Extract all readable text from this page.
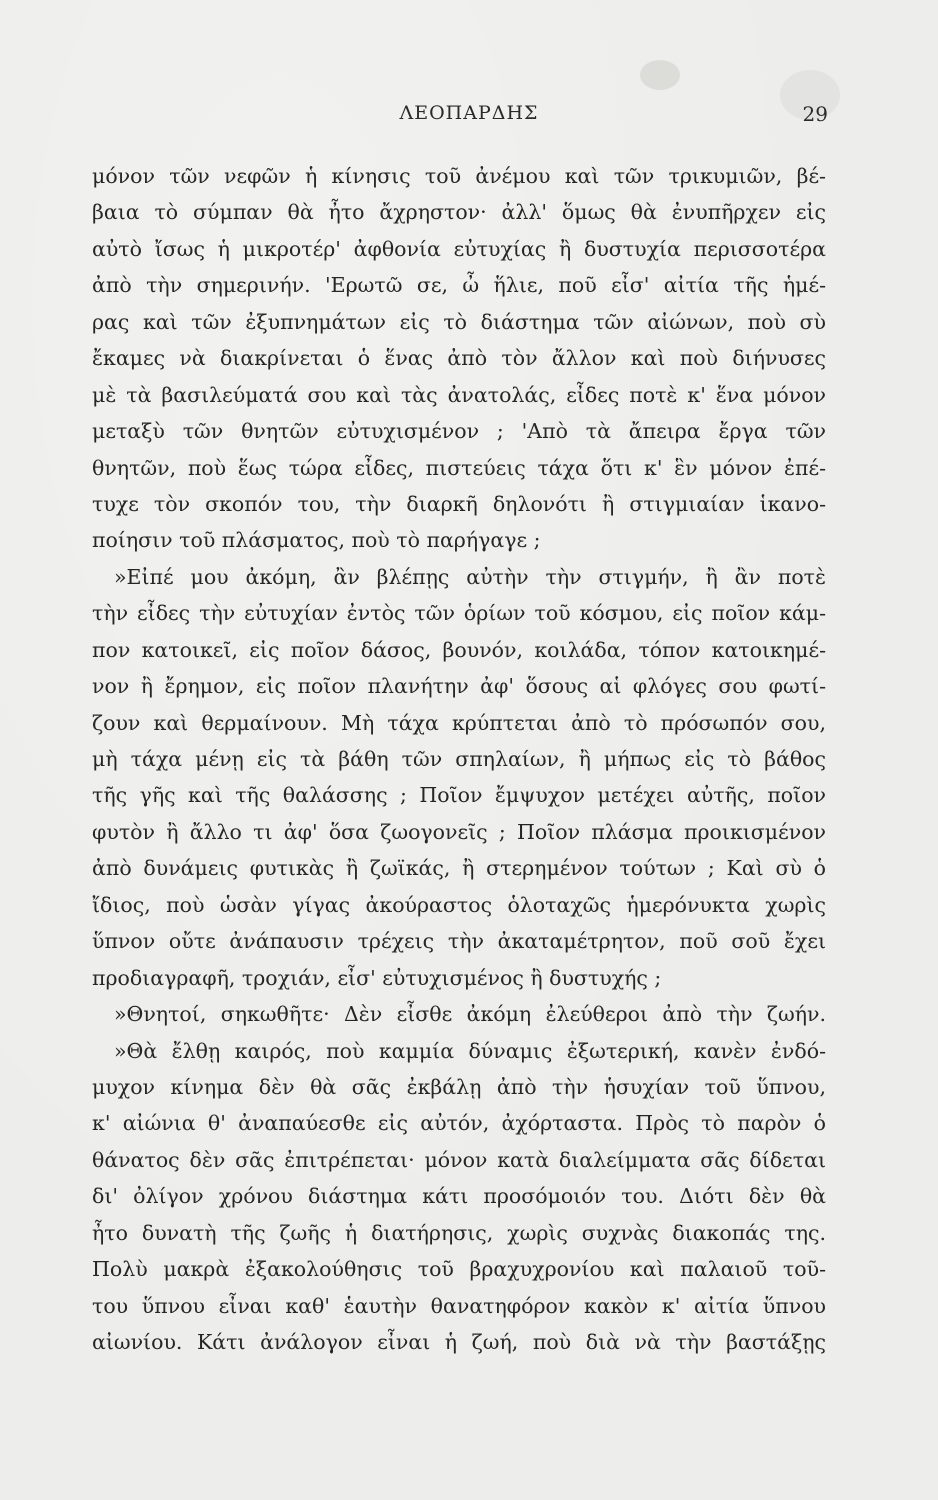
ΛΕΟΠΑΡΔΗΣ	29
μόνον τῶν νεφῶν ἡ κίνησις τοῦ ἀνέμου καὶ τῶν τρικυμιῶν, βέ-
βαια τὸ σύμπαν θὰ ἦτο ἄχρηστον· ἀλλ' ὅμως θὰ ἐνυπῆρχεν εἰς
αὐτὸ ἴσως ἡ μικροτέρ' ἀφθονία εὐτυχίας ἢ δυστυχία περισσοτέρα
ἀπὸ τὴν σημερινήν. 'Ερωτῶ σε, ὦ ἥλιε, ποῦ εἶσ' αἰτία τῆς ἡμέ-
ρας καὶ τῶν ἐξυπνημάτων εἰς τὸ διάστημα τῶν αἰώνων, ποὺ σὺ
ἔκαμες νὰ διακρίνεται ὁ ἕνας ἀπὸ τὸν ἄλλον καὶ ποὺ διήνυσες
μὲ τὰ βασιλεύματά σου καὶ τὰς ἀνατολάς, εἶδες ποτὲ κ' ἕνα μόνον
μεταξὺ τῶν θνητῶν εὐτυχισμένον ; 'Απὸ τὰ ἄπειρα ἔργα τῶν
θνητῶν, ποὺ ἕως τώρα εἶδες, πιστεύεις τάχα ὅτι κ' ἓν μόνον ἐπέ-
τυχε τὸν σκοπόν του, τὴν διαρκῆ δηλονότι ἢ στιγμιαίαν ἱκανο-
ποίησιν τοῦ πλάσματος, ποὺ τὸ παρήγαγε ;
»Εἰπέ μου ἀκόμη, ἂν βλέπῃς αὐτὴν τὴν στιγμήν, ἢ ἂν ποτὲ
τὴν εἶδες τὴν εὐτυχίαν ἐντὸς τῶν ὁρίων τοῦ κόσμου, εἰς ποῖον κάμ-
πον κατοικεῖ, εἰς ποῖον δάσος, βουνόν, κοιλάδα, τόπον κατοικημέ-
νον ἢ ἔρημον, εἰς ποῖον πλανήτην ἀφ' ὅσους αἱ φλόγες σου φωτί-
ζουν καὶ θερμαίνουν. Μὴ τάχα κρύπτεται ἀπὸ τὸ πρόσωπόν σου,
μὴ τάχα μένῃ εἰς τὰ βάθη τῶν σπηλαίων, ἢ μήπως εἰς τὸ βάθος
τῆς γῆς καὶ τῆς θαλάσσης ; Ποῖον ἔμψυχον μετέχει αὐτῆς, ποῖον
φυτὸν ἢ ἄλλο τι ἀφ' ὅσα ζωογονεῖς ; Ποῖον πλάσμα προικισμένον
ἀπὸ δυνάμεις φυτικὰς ἢ ζωϊκάς, ἢ στερημένον τούτων ; Καὶ σὺ ὁ
ἴδιος, ποὺ ὡσὰν γίγας ἀκούραστος ὁλοταχῶς ἡμερόνυκτα χωρὶς
ὕπνον οὔτε ἀνάπαυσιν τρέχεις τὴν ἀκαταμέτρητον, ποῦ σοῦ ἔχει
προδιαγραφῆ, τροχιάν, εἶσ' εὐτυχισμένος ἢ δυστυχής ;
»Θνητοί, σηκωθῆτε· Δὲν εἶσθε ἀκόμη ἐλεύθεροι ἀπὸ τὴν ζωήν.
»Θὰ ἔλθῃ καιρός, ποὺ καμμία δύναμις ἐξωτερική, κανὲν ἐνδό-
μυχον κίνημα δὲν θὰ σᾶς ἐκβάλῃ ἀπὸ τὴν ἡσυχίαν τοῦ ὕπνου,
κ' αἰώνια θ' ἀναπαύεσθε εἰς αὐτόν, ἀχόρταστα. Πρὸς τὸ παρὸν ὁ
θάνατος δὲν σᾶς ἐπιτρέπεται· μόνον κατὰ διαλείμματα σᾶς δίδεται
δι' ὀλίγον χρόνου διάστημα κάτι προσόμοιόν του. Διότι δὲν θὰ
ἦτο δυνατὴ τῆς ζωῆς ἡ διατήρησις, χωρὶς συχνὰς διακοπάς της.
Πολὺ μακρὰ ἐξακολούθησις τοῦ βραχυχρονίου καὶ παλαιοῦ τοῦ-
του ὕπνου εἶναι καθ' ἑαυτὴν θανατηφόρον κακὸν κ' αἰτία ὕπνου
αἰωνίου. Κάτι ἀνάλογον εἶναι ἡ ζωή, ποὺ διὰ νὰ τὴν βαστάξῃς
